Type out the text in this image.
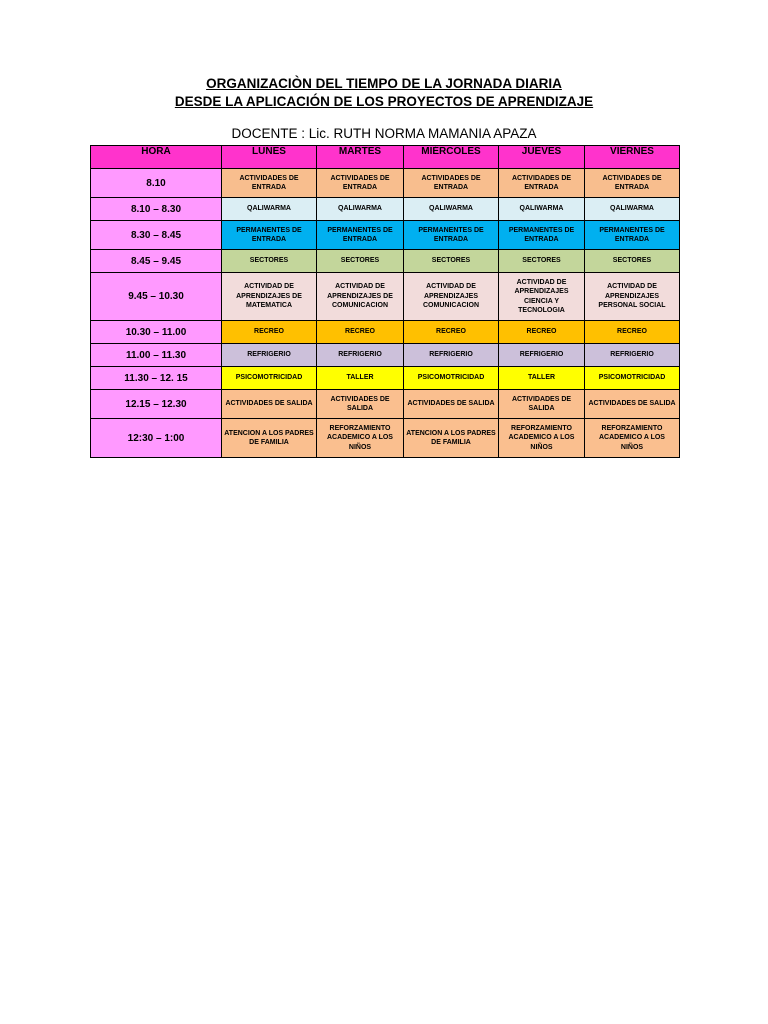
ORGANIZACIÒN DEL TIEMPO DE LA JORNADA DIARIA
DESDE LA APLICACIÓN DE LOS PROYECTOS DE APRENDIZAJE
DOCENTE : Lic. RUTH NORMA MAMANIA APAZA
HORA	LUNES	MARTES	MIÉRCOLES	JUEVES	VIERNES
8.10	ACTIVIDADES DE ENTRADA	ACTIVIDADES DE ENTRADA	ACTIVIDADES DE ENTRADA	ACTIVIDADES DE ENTRADA	ACTIVIDADES DE ENTRADA
8.10 – 8.30	QALIWARMA	QALIWARMA	QALIWARMA	QALIWARMA	QALIWARMA
8.30 – 8.45	PERMANENTES DE ENTRADA	PERMANENTES DE ENTRADA	PERMANENTES DE ENTRADA	PERMANENTES DE ENTRADA	PERMANENTES DE ENTRADA
8.45 – 9.45	SECTORES	SECTORES	SECTORES	SECTORES	SECTORES
9.45 – 10.30	ACTIVIDAD DE APRENDIZAJES DE MATEMATICA	ACTIVIDAD DE APRENDIZAJES DE COMUNICACION	ACTIVIDAD DE APRENDIZAJES COMUNICACION	ACTIVIDAD DE APRENDIZAJES CIENCIA Y TECNOLOGIA	ACTIVIDAD DE APRENDIZAJES PERSONAL SOCIAL
10.30 – 11.00	RECREO	RECREO	RECREO	RECREO	RECREO
11.00 – 11.30	REFRIGERIO	REFRIGERIO	REFRIGERIO	REFRIGERIO	REFRIGERIO
11.30 – 12. 15	PSICOMOTRICIDAD	TALLER	PSICOMOTRICIDAD	TALLER	PSICOMOTRICIDAD
12.15 – 12.30	ACTIVIDADES DE SALIDA	ACTIVIDADES DE SALIDA	ACTIVIDADES DE SALIDA	ACTIVIDADES DE SALIDA	ACTIVIDADES DE SALIDA
12:30 – 1:00	ATENCION A LOS PADRES DE FAMILIA	REFORZAMIENTO ACADEMICO A LOS NIÑOS	ATENCION A LOS PADRES DE FAMILIA	REFORZAMIENTO ACADEMICO A LOS NIÑOS	REFORZAMIENTO ACADEMICO A LOS NIÑOS
